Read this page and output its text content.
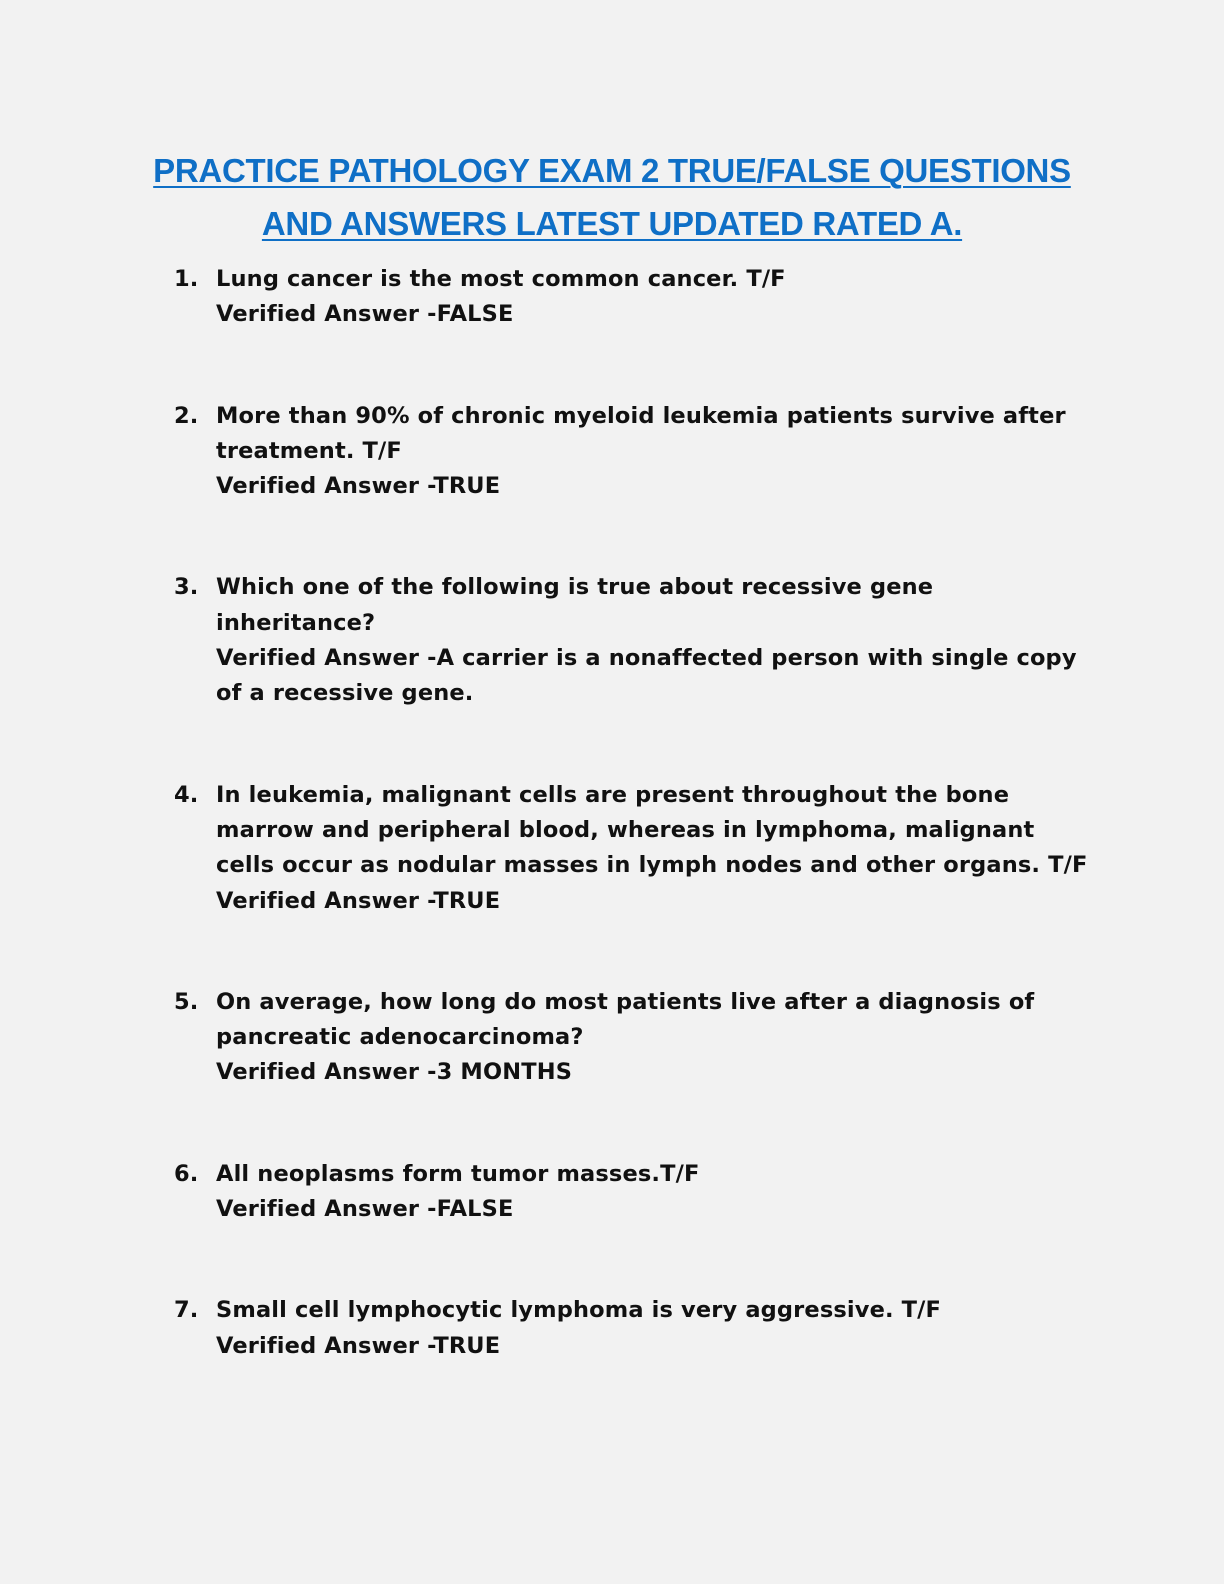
PRACTICE PATHOLOGY EXAM 2 TRUE/FALSE QUESTIONS
AND ANSWERS LATEST UPDATED RATED A.
1. Lung cancer is the most common cancer. T/F
Verified Answer -FALSE
2. More than 90% of chronic myeloid leukemia patients survive after treatment. T/F
Verified Answer -TRUE
3. Which one of the following is true about recessive gene inheritance?
Verified Answer -A carrier is a nonaffected person with single copy of a recessive gene.
4. In leukemia, malignant cells are present throughout the bone marrow and peripheral blood, whereas in lymphoma, malignant cells occur as nodular masses in lymph nodes and other organs. T/F
Verified Answer -TRUE
5. On average, how long do most patients live after a diagnosis of pancreatic adenocarcinoma?
Verified Answer -3 MONTHS
6. All neoplasms form tumor masses.T/F
Verified Answer -FALSE
7. Small cell lymphocytic lymphoma is very aggressive. T/F
Verified Answer -TRUE
